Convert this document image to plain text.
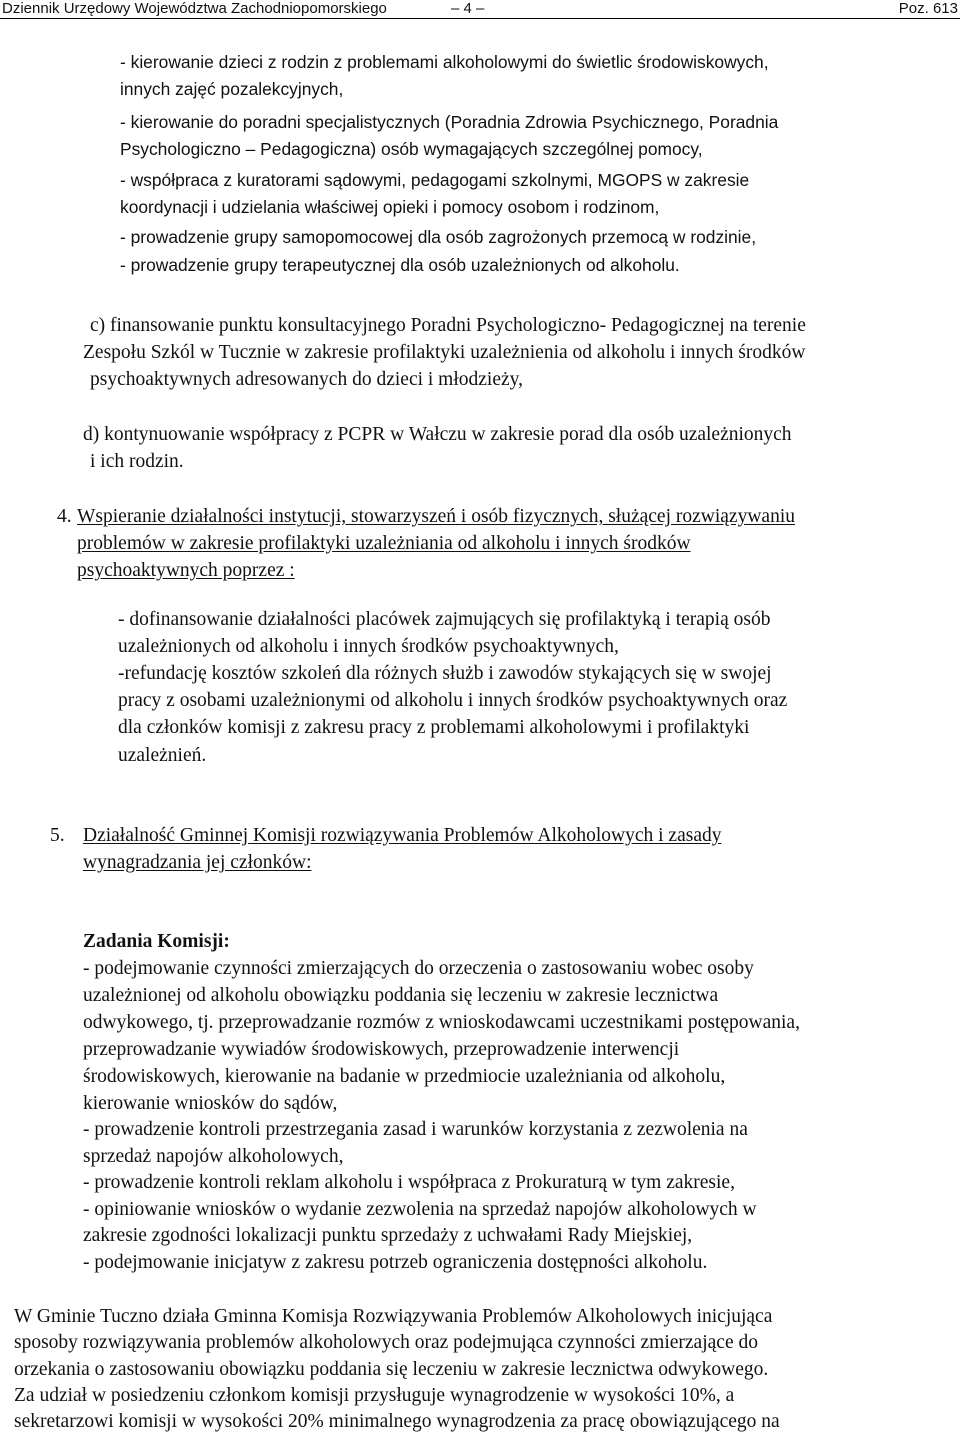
Dziennik Urzędowy Województwa Zachodniopomorskiego	– 4 –	Poz. 613
- kierowanie dzieci z rodzin z problemami alkoholowymi do świetlic środowiskowych,
innych zajęć pozalekcyjnych,
- kierowanie do poradni specjalistycznych (Poradnia Zdrowia Psychicznego, Poradnia
Psychologiczno – Pedagogiczna) osób wymagających szczególnej pomocy,
- współpraca z kuratorami sądowymi, pedagogami szkolnymi, MGOPS w zakresie
koordynacji i udzielania właściwej opieki i pomocy osobom i rodzinom,
- prowadzenie grupy samopomocowej dla osób zagrożonych przemocą w rodzinie,
- prowadzenie grupy terapeutycznej dla osób uzależnionych od alkoholu.
c) finansowanie punktu konsultacyjnego Poradni Psychologiczno- Pedagogicznej na terenie
Zespołu Szkól w Tucznie w zakresie profilaktyki uzależnienia od alkoholu i innych środków
psychoaktywnych adresowanych do dzieci i młodzieży,
d) kontynuowanie współpracy z PCPR w Wałczu w zakresie porad dla osób uzależnionych
i ich rodzin.
4. Wspieranie działalności instytucji, stowarzyszeń i osób fizycznych, służącej rozwiązywaniu
problemów w zakresie profilaktyki uzależniania od alkoholu i innych środków
psychoaktywnych poprzez :
- dofinansowanie działalności placówek zajmujących się profilaktyką i terapią osób
uzależnionych od alkoholu i innych środków psychoaktywnych,
-refundację kosztów szkoleń dla różnych służb i zawodów stykających się w swojej
pracy z osobami uzależnionymi od alkoholu i innych środków psychoaktywnych oraz
dla członków komisji z zakresu pracy z problemami alkoholowymi i profilaktyki
uzależnień.
5. Działalność Gminnej Komisji rozwiązywania Problemów Alkoholowych i zasady
wynagradzania jej członków:
Zadania Komisji:
- podejmowanie czynności zmierzających do orzeczenia o zastosowaniu wobec osoby
uzależnionej od alkoholu obowiązku poddania się leczeniu w zakresie lecznictwa
odwykowego, tj. przeprowadzanie rozmów z wnioskodawcami uczestnikami postępowania,
przeprowadzanie wywiadów środowiskowych, przeprowadzenie interwencji
środowiskowych, kierowanie na badanie w przedmiocie uzależniania od alkoholu,
kierowanie wniosków do sądów,
- prowadzenie kontroli przestrzegania zasad i warunków korzystania z zezwolenia na
sprzedaż napojów alkoholowych,
- prowadzenie kontroli reklam alkoholu i współpraca z Prokuraturą w tym zakresie,
- opiniowanie wniosków o wydanie zezwolenia na sprzedaż napojów alkoholowych w
zakresie zgodności lokalizacji punktu sprzedaży z uchwałami Rady Miejskiej,
- podejmowanie inicjatyw z zakresu potrzeb ograniczenia dostępności alkoholu.
W Gminie Tuczno działa Gminna Komisja Rozwiązywania Problemów Alkoholowych inicjująca
sposoby rozwiązywania problemów alkoholowych oraz podejmująca czynności zmierzające do
orzekania o zastosowaniu obowiązku poddania się leczeniu w zakresie lecznictwa odwykowego.
Za udział w posiedzeniu członkom komisji przysługuje wynagrodzenie w wysokości 10%, a
sekretarzowi komisji w wysokości 20% minimalnego wynagrodzenia za pracę obowiązującego na
